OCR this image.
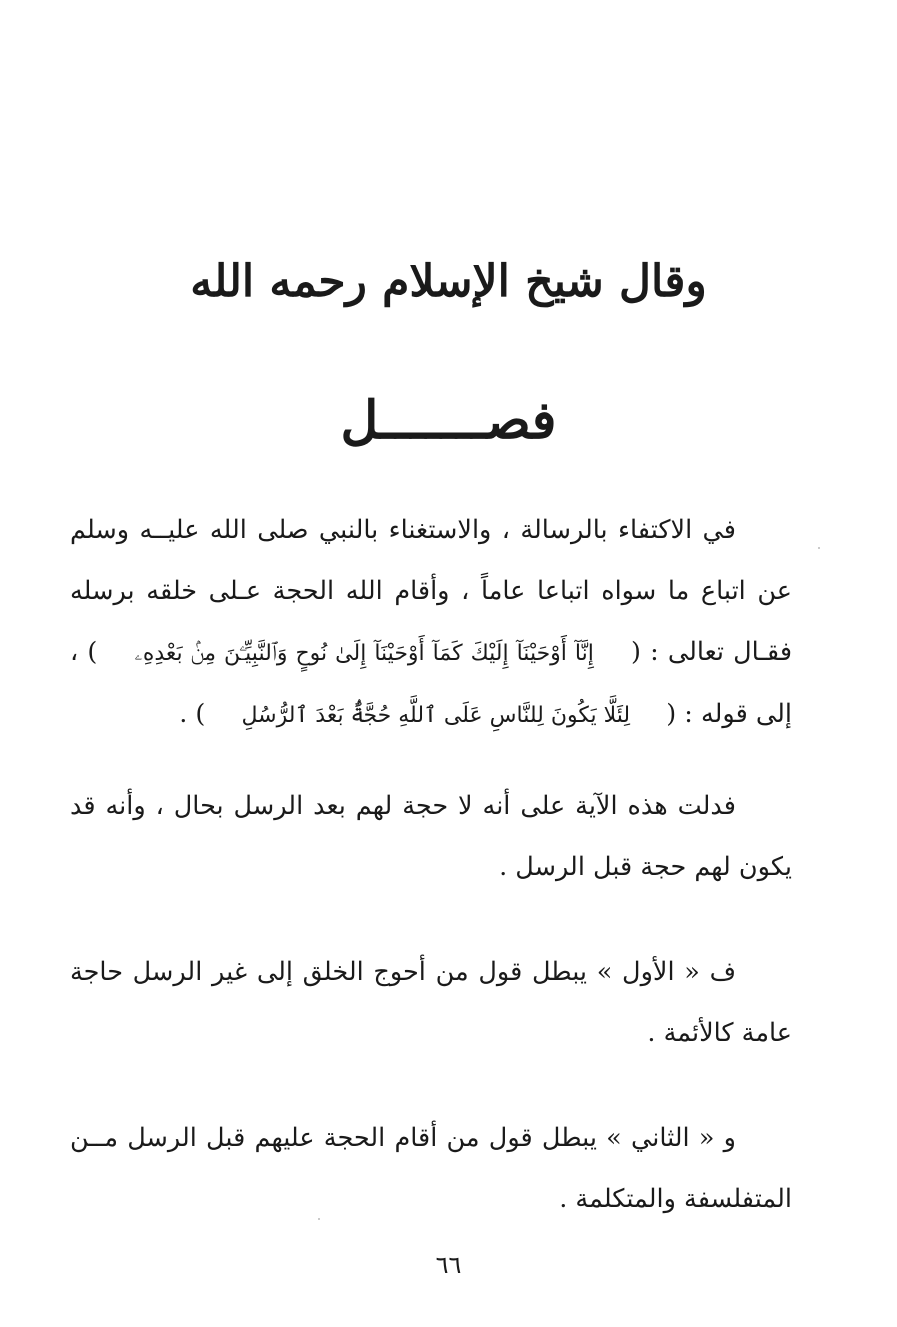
وقال شيخ الإسلام رحمه الله
فصـــــــل

في الاكتفاء بالرسالة ، والاستغناء بالنبي صلى الله عليــه وسلم عن اتباع ما سواه اتباعا عاماً ، وأقام الله الحجة عـلى خلقه برسله فقـال تعالى : ( إِنَّآ أَوْحَيْنَآ إِلَيْكَ كَمَآ أَوْحَيْنَآ إِلَىٰ نُوحٍ وَٱلنَّبِيِّـۧنَ مِنۢ بَعْدِهِۦ ) ، إلى قوله : ( لِئَلَّا يَكُونَ لِلنَّاسِ عَلَى ٱللَّهِ حُجَّةٌۢ بَعْدَ ٱلرُّسُلِ ) .

فدلت هذه الآية على أنه لا حجة لهم بعد الرسل بحال ، وأنه قد يكون لهم حجة قبل الرسل .

ف « الأول » يبطل قول من أحوج الخلق إلى غير الرسل حاجة عامة كالأئمة .

و « الثاني » يبطل قول من أقام الحجة عليهم قبل الرسل مــن المتفلسفة والمتكلمة .

٦٦
